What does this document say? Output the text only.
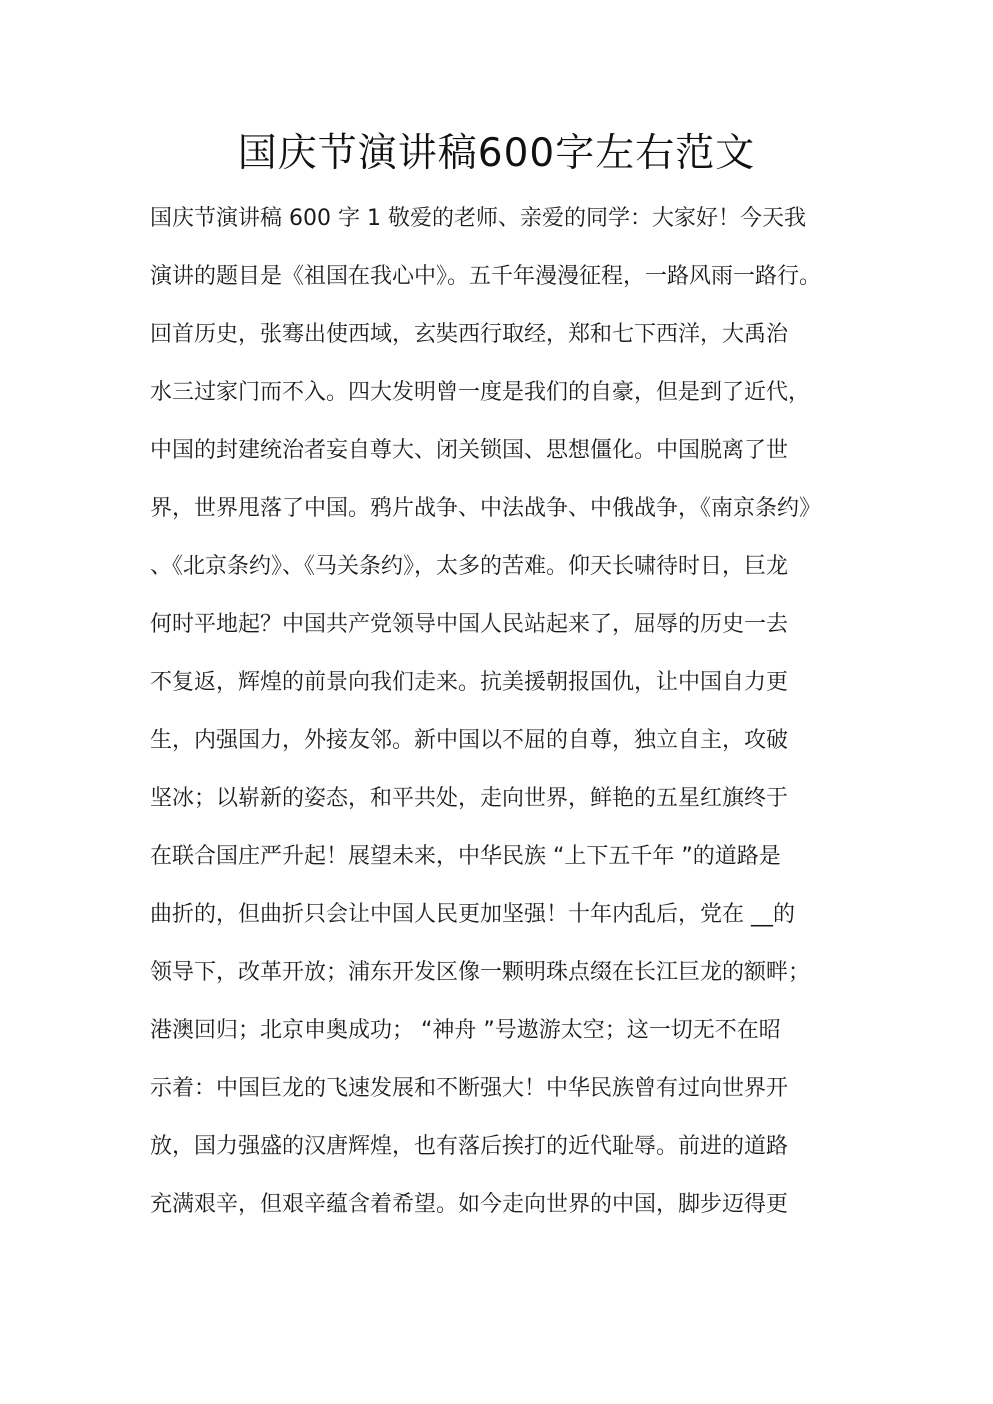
国庆节演讲稿600字左右范文
国庆节演讲稿 600 字 1 敬爱的老师、亲爱的同学：大家好！今天我
演讲的题目是《祖国在我心中》。五千年漫漫征程，一路风雨一路行。
回首历史，张骞出使西域，玄奘西行取经，郑和七下西洋，大禹治
水三过家门而不入。四大发明曾一度是我们的自豪，但是到了近代，
中国的封建统治者妄自尊大、闭关锁国、思想僵化。中国脱离了世
界，世界甩落了中国。鸦片战争、中法战争、中俄战争，《南京条约》
、《北京条约》、《马关条约》，太多的苦难。仰天长啸待时日，巨龙
何时平地起？中国共产党领导中国人民站起来了，屈辱的历史一去
不复返，辉煌的前景向我们走来。抗美援朝报国仇，让中国自力更
生，内强国力，外接友邻。新中国以不屈的自尊，独立自主，攻破
坚冰；以崭新的姿态，和平共处，走向世界，鲜艳的五星红旗终于
在联合国庄严升起！展望未来，中华民族 “上下五千年 ”的道路是
曲折的，但曲折只会让中国人民更加坚强！十年内乱后，党在 __的
领导下，改革开放；浦东开发区像一颗明珠点缀在长江巨龙的额畔；
港澳回归；北京申奥成功； “神舟 ”号遨游太空；这一切无不在昭
示着：中国巨龙的飞速发展和不断强大！中华民族曾有过向世界开
放，国力强盛的汉唐辉煌，也有落后挨打的近代耻辱。前进的道路
充满艰辛，但艰辛蕴含着希望。如今走向世界的中国，脚步迈得更
